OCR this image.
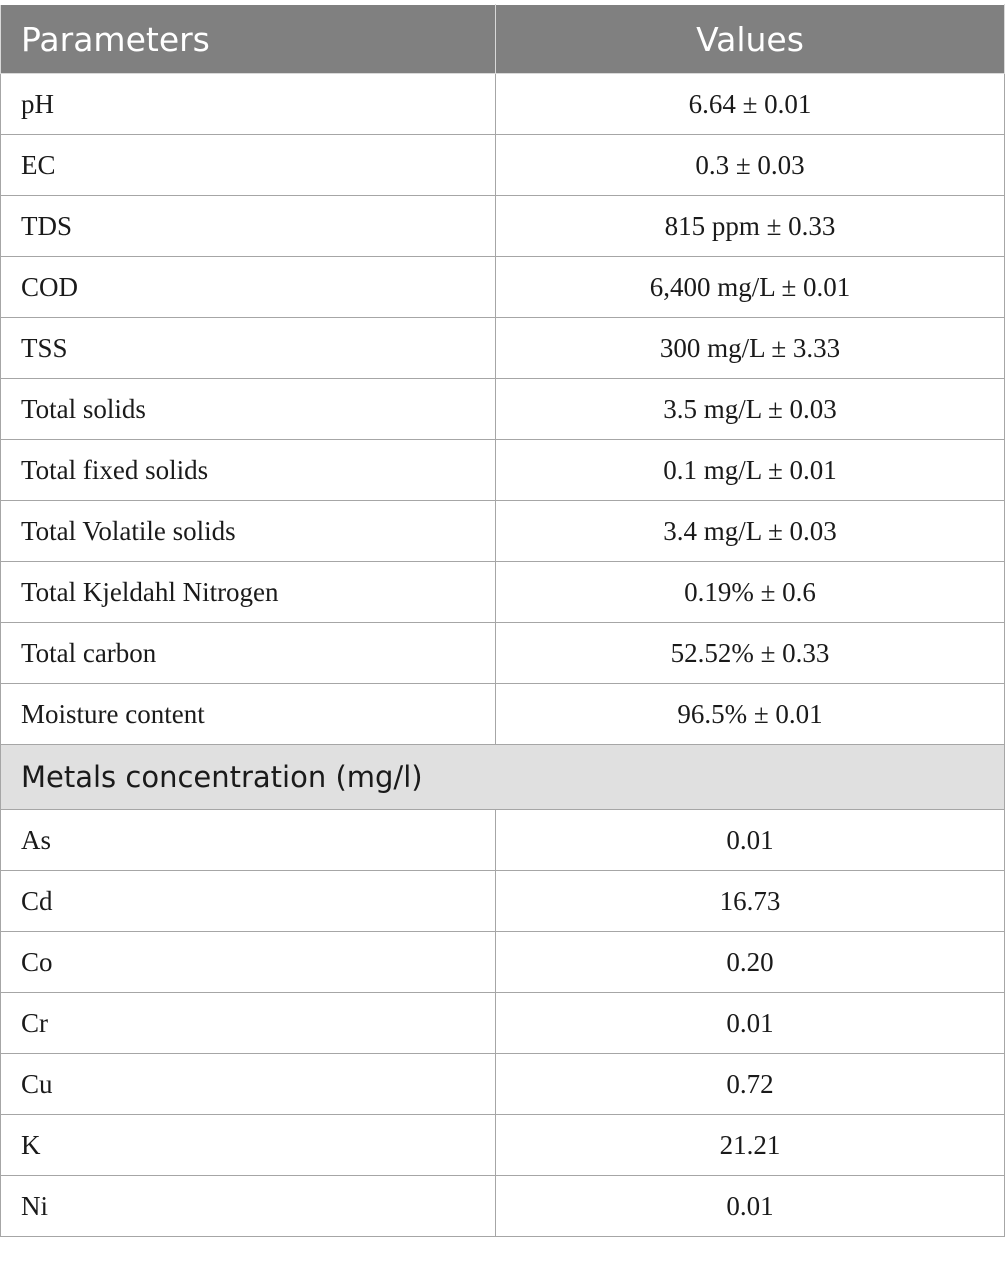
Parameters	Values
pH	6.64 ± 0.01
EC	0.3 ± 0.03
TDS	815 ppm ± 0.33
COD	6,400 mg/L ± 0.01
TSS	300 mg/L ± 3.33
Total solids	3.5 mg/L ± 0.03
Total fixed solids	0.1 mg/L ± 0.01
Total Volatile solids	3.4 mg/L ± 0.03
Total Kjeldahl Nitrogen	0.19% ± 0.6
Total carbon	52.52% ± 0.33
Moisture content	96.5% ± 0.01
Metals concentration (mg/l)	
As	0.01
Cd	16.73
Co	0.20
Cr	0.01
Cu	0.72
K	21.21
Ni	0.01
